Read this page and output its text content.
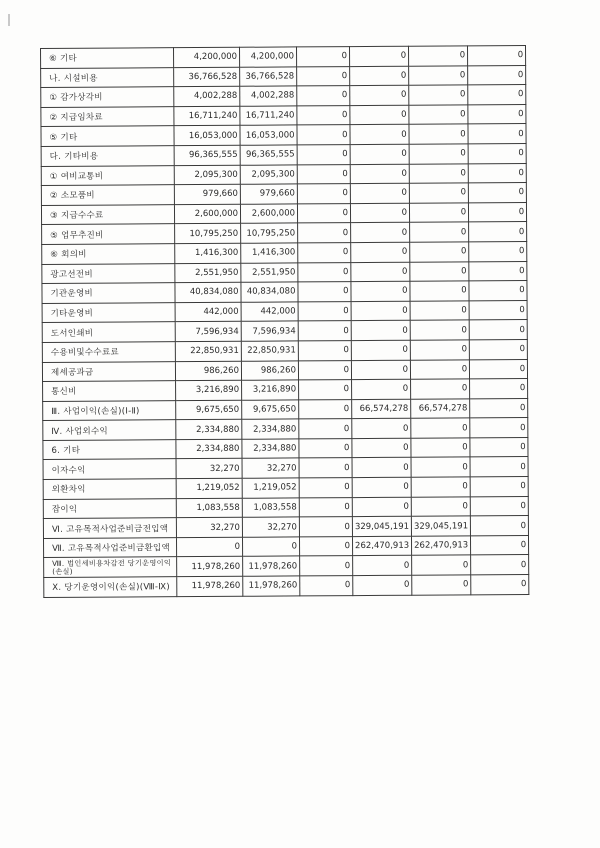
⑥ 기타	4,200,000	4,200,000	0	0	0	0
나. 시설비용	36,766,528	36,766,528	0	0	0	0
① 감가상각비	4,002,288	4,002,288	0	0	0	0
② 지급임차료	16,711,240	16,711,240	0	0	0	0
⑤ 기타	16,053,000	16,053,000	0	0	0	0
다. 기타비용	96,365,555	96,365,555	0	0	0	0
① 여비교통비	2,095,300	2,095,300	0	0	0	0
② 소모품비	979,660	979,660	0	0	0	0
③ 지급수수료	2,600,000	2,600,000	0	0	0	0
⑤ 업무추진비	10,795,250	10,795,250	0	0	0	0
⑥ 회의비	1,416,300	1,416,300	0	0	0	0
광고선전비	2,551,950	2,551,950	0	0	0	0
기관운영비	40,834,080	40,834,080	0	0	0	0
기타운영비	442,000	442,000	0	0	0	0
도서인쇄비	7,596,934	7,596,934	0	0	0	0
수용비및수수료료	22,850,931	22,850,931	0	0	0	0
제세공과금	986,260	986,260	0	0	0	0
통신비	3,216,890	3,216,890	0	0	0	0
Ⅲ. 사업이익(손실)(Ⅰ-Ⅱ)	9,675,650	9,675,650	0	66,574,278	66,574,278	0
Ⅳ. 사업외수익	2,334,880	2,334,880	0	0	0	0
6. 기타	2,334,880	2,334,880	0	0	0	0
이자수익	32,270	32,270	0	0	0	0
외환차익	1,219,052	1,219,052	0	0	0	0
잡이익	1,083,558	1,083,558	0	0	0	0
Ⅵ. 고유목적사업준비금전입액	32,270	32,270	0	329,045,191	329,045,191	0
Ⅶ. 고유목적사업준비금환입액	0	0	0	262,470,913	262,470,913	0
Ⅷ. 법인세비용차감전 당기운영이익(손실)	11,978,260	11,978,260	0	0	0	0
Ⅹ. 당기운영이익(손실)(Ⅷ-Ⅸ)	11,978,260	11,978,260	0	0	0	0
